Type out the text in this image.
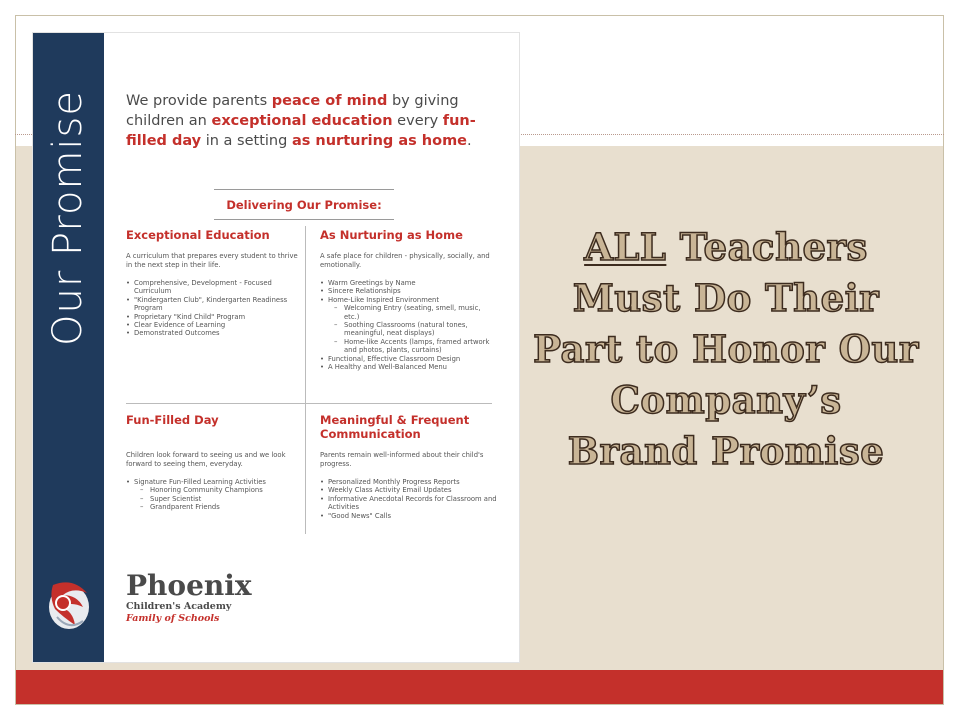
Our Promise We provide parents peace of mind by giving children an exceptional education every fun-filled day in a setting as nurturing as home.
Delivering Our Promise:
Exceptional Education
A curriculum that prepares every student to thrive in the next step in their life.
• Comprehensive, Development - Focused Curriculum
• "Kindergarten Club", Kindergarten Readiness Program
• Proprietary "Kind Child" Program
• Clear Evidence of Learning
• Demonstrated Outcomes
As Nurturing as Home
A safe place for children - physically, socially, and emotionally.
• Warm Greetings by Name
• Sincere Relationships
• Home-Like Inspired Environment
– Welcoming Entry (seating, smell, music, etc.)
– Soothing Classrooms (natural tones, meaningful, neat displays)
– Home-like Accents (lamps, framed artwork and photos, plants, curtains)
• Functional, Effective Classroom Design
• A Healthy and Well-Balanced Menu
Fun-Filled Day
Children look forward to seeing us and we look forward to seeing them, everyday.
• Signature Fun-Filled Learning Activities
– Honoring Community Champions
– Super Scientist
– Grandparent Friends
Meaningful & Frequent Communication
Parents remain well-informed about their child's progress.
• Personalized Monthly Progress Reports
• Weekly Class Activity Email Updates
• Informative Anecdotal Records for Classroom and Activities
• "Good News" Calls
Phoenix
Children's Academy
Family of Schools
ALL Teachers
Must Do Their
Part to Honor Our
Company’s
Brand Promise
